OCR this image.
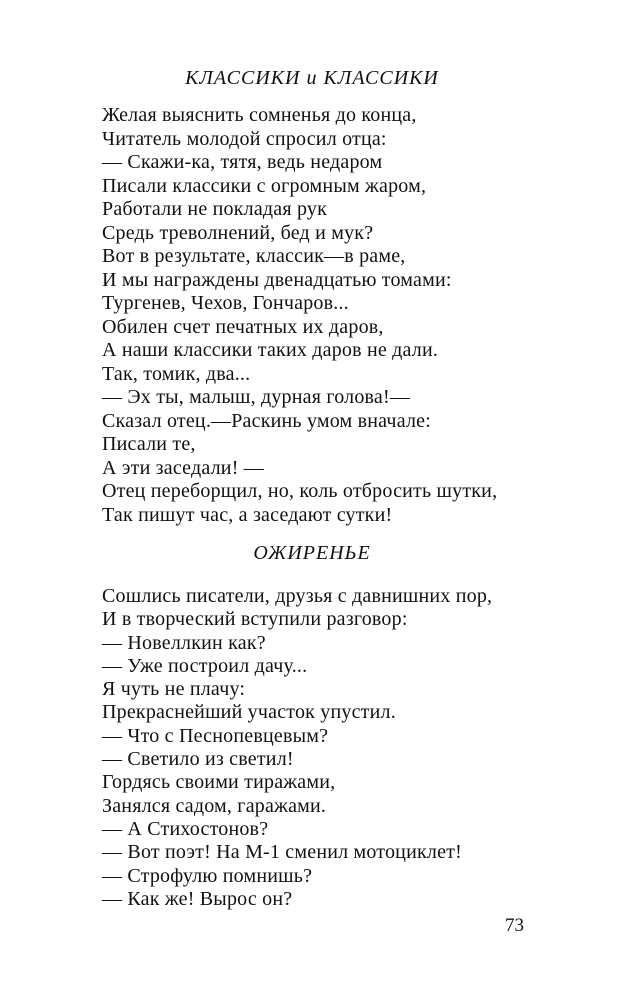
КЛАССИКИ и КЛАССИКИ
Желая выяснить сомненья до конца,
Читатель молодой спросил отца:
— Скажи-ка, тятя, ведь недаром
Писали классики с огромным жаром,
Работали не покладая рук
Средь треволнений, бед и мук?
Вот в результате, классик—в раме,
И мы награждены двенадцатью томами:
Тургенев, Чехов, Гончаров...
Обилен счет печатных их даров,
А наши классики таких даров не дали.
Так, томик, два...
— Эх ты, малыш, дурная голова!—
Сказал отец.—Раскинь умом вначале:
Писали те,
А эти заседали! —
Отец переборщил, но, коль отбросить шутки,
Так пишут час, а заседают сутки!
ОЖИРЕНЬЕ
Сошлись писатели, друзья с давнишних пор,
И в творческий вступили разговор:
— Новеллкин как?
— Уже построил дачу...
Я чуть не плачу:
Прекраснейший участок упустил.
— Что с Песнопевцевым?
— Светило из светил!
Гордясь своими тиражами,
Занялся садом, гаражами.
— А Стихостонов?
— Вот поэт! На М-1 сменил мотоциклет!
— Строфулю помнишь?
— Как же! Вырос он?
73
